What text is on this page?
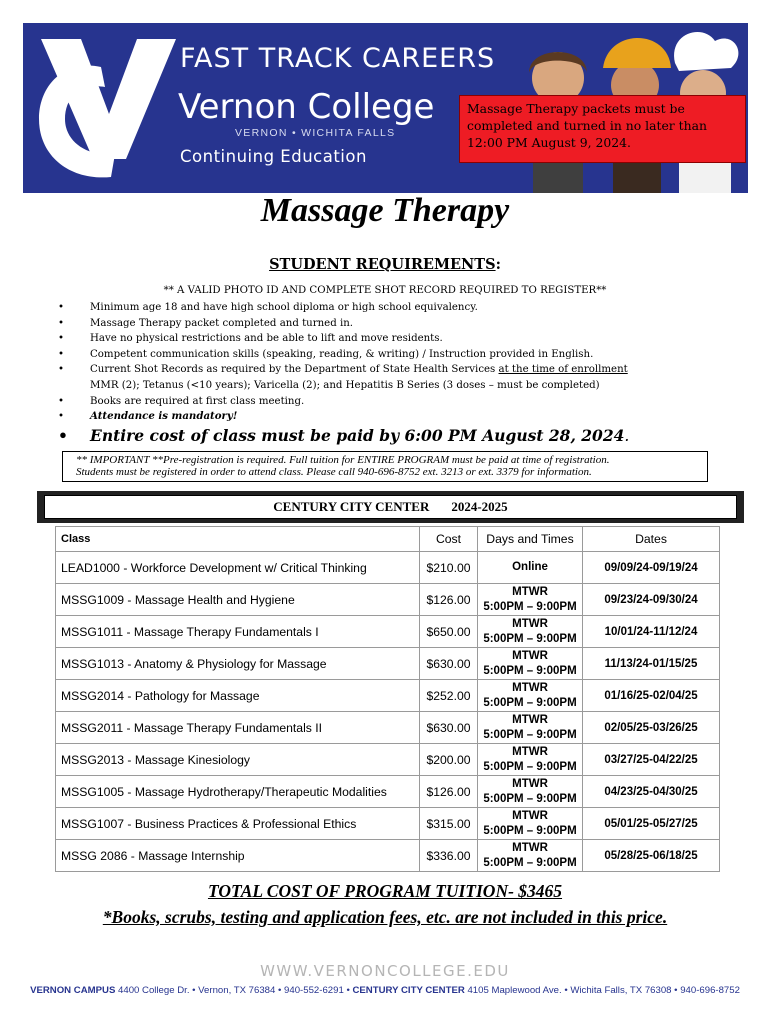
FAST TRACK CAREERS
Vernon College
VERNON • WICHITA FALLS
Continuing Education
Massage Therapy packets must be completed and turned in no later than 12:00 PM August 9, 2024.
Massage Therapy
STUDENT REQUIREMENTS:
** A VALID PHOTO ID AND COMPLETE SHOT RECORD REQUIRED TO REGISTER**
•	Minimum age 18 and have high school diploma or high school equivalency.
•	Massage Therapy packet completed and turned in.
•	Have no physical restrictions and be able to lift and move residents.
•	Competent communication skills (speaking, reading, & writing) / Instruction provided in English.
•	Current Shot Records as required by the Department of State Health Services at the time of enrollment
MMR (2); Tetanus (<10 years); Varicella (2); and Hepatitis B Series (3 doses – must be completed)
•	Books are required at first class meeting.
•	Attendance is mandatory!
• Entire cost of class must be paid by 6:00 PM August 28, 2024.
** IMPORTANT **Pre-registration is required. Full tuition for ENTIRE PROGRAM must be paid at time of registration.
Students must be registered in order to attend class. Please call 940-696-8752 ext. 3213 or ext. 3379 for information.
CENTURY CITY CENTER 2024-2025
Class	Cost	Days and Times	Dates
LEAD1000 - Workforce Development w/ Critical Thinking	$210.00	Online	09/09/24-09/19/24
MSSG1009 - Massage Health and Hygiene	$126.00	MTWR
5:00PM – 9:00PM	09/23/24-09/30/24
MSSG1011 - Massage Therapy Fundamentals I	$650.00	MTWR
5:00PM – 9:00PM	10/01/24-11/12/24
MSSG1013 - Anatomy & Physiology for Massage	$630.00	MTWR
5:00PM – 9:00PM	11/13/24-01/15/25
MSSG2014 - Pathology for Massage	$252.00	MTWR
5:00PM – 9:00PM	01/16/25-02/04/25
MSSG2011 - Massage Therapy Fundamentals II	$630.00	MTWR
5:00PM – 9:00PM	02/05/25-03/26/25
MSSG2013 - Massage Kinesiology	$200.00	MTWR
5:00PM – 9:00PM	03/27/25-04/22/25
MSSG1005 - Massage Hydrotherapy/Therapeutic Modalities	$126.00	MTWR
5:00PM – 9:00PM	04/23/25-04/30/25
MSSG1007 - Business Practices & Professional Ethics	$315.00	MTWR
5:00PM – 9:00PM	05/01/25-05/27/25
MSSG 2086 - Massage Internship	$336.00	MTWR
5:00PM – 9:00PM	05/28/25-06/18/25
TOTAL COST OF PROGRAM TUITION- $3465
*Books, scrubs, testing and application fees, etc. are not included in this price.
WWW.VERNONCOLLEGE.EDU
VERNON CAMPUS 4400 College Dr. • Vernon, TX 76384 • 940-552-6291 • CENTURY CITY CENTER 4105 Maplewood Ave. • Wichita Falls, TX 76308 • 940-696-8752
